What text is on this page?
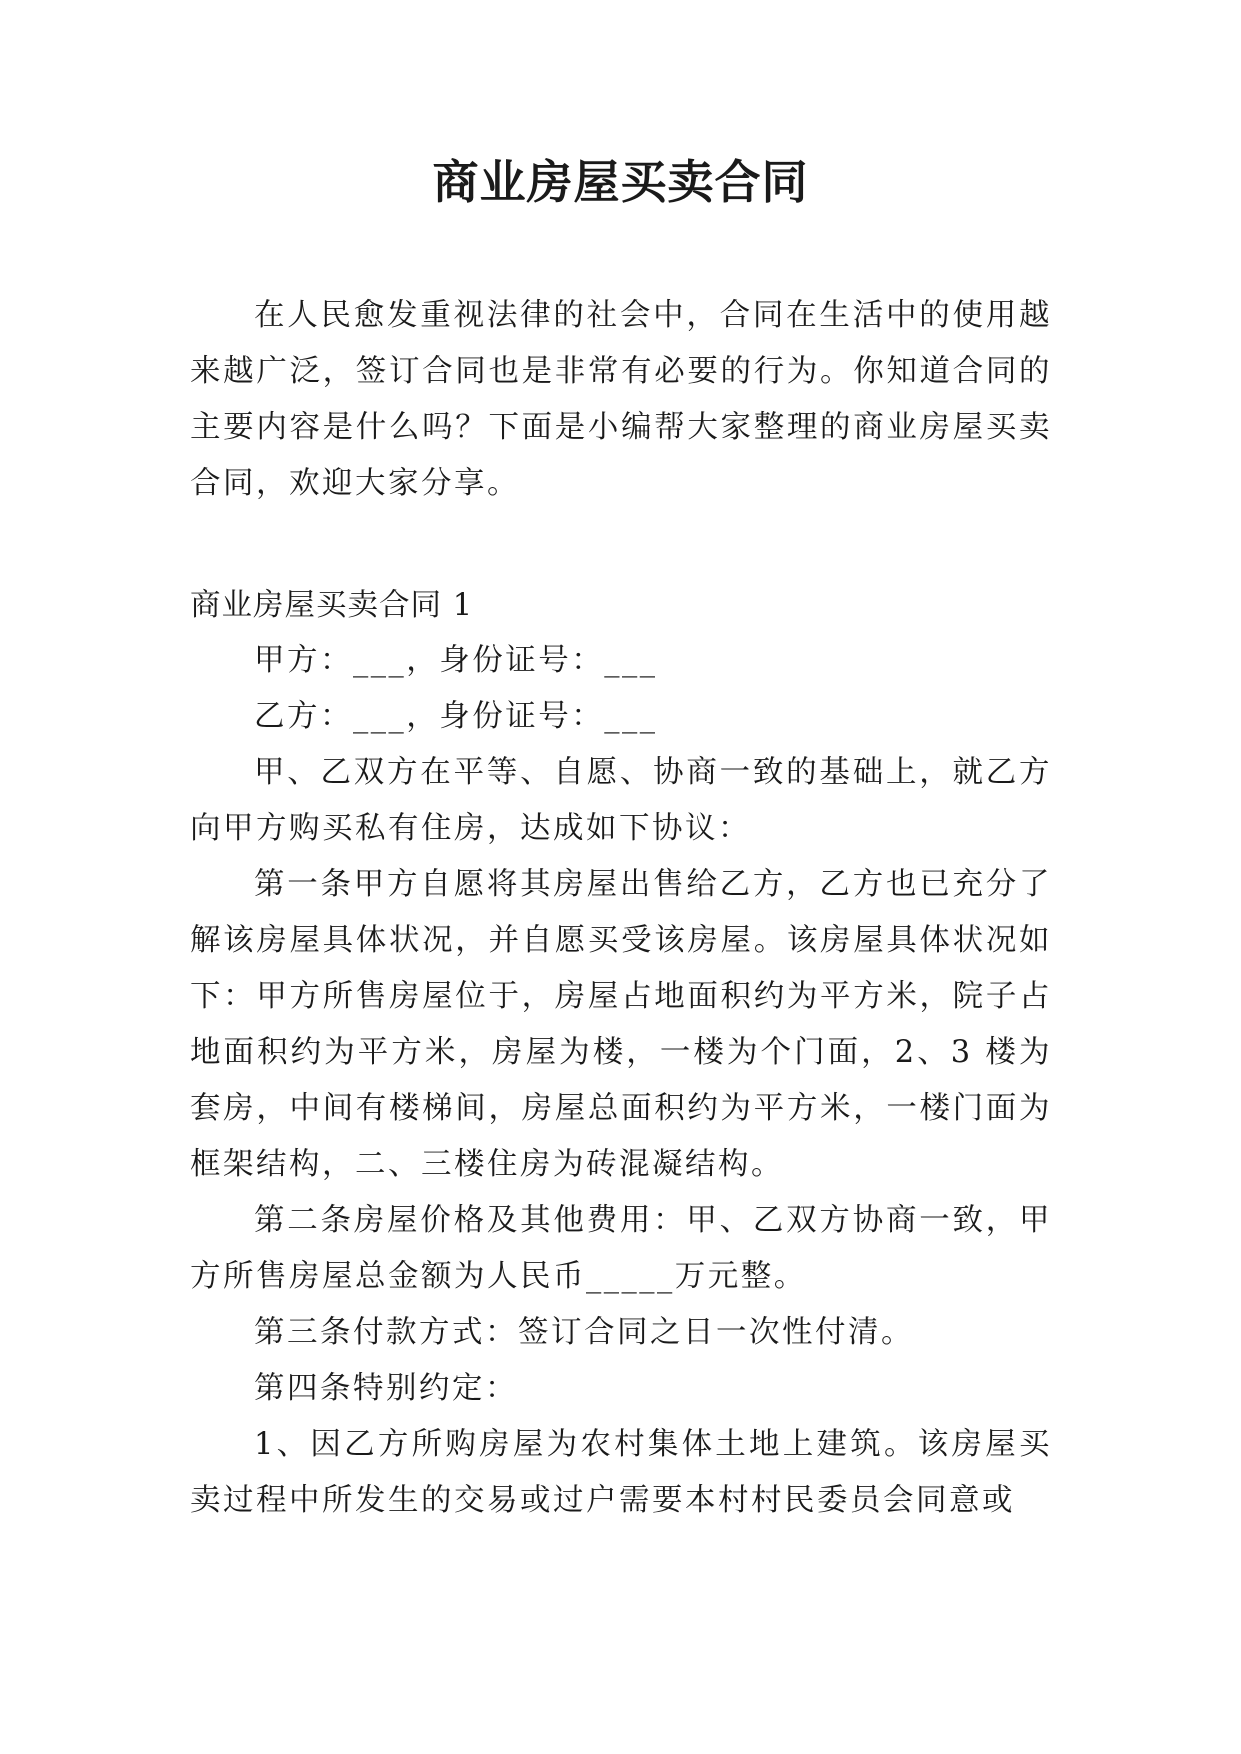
商业房屋买卖合同

在人民愈发重视法律的社会中，合同在生活中的使用越来越广泛，签订合同也是非常有必要的行为。你知道合同的主要内容是什么吗？下面是小编帮大家整理的商业房屋买卖合同，欢迎大家分享。

商业房屋买卖合同 1

甲方：___，身份证号：___

乙方：___，身份证号：___

甲、乙双方在平等、自愿、协商一致的基础上，就乙方向甲方购买私有住房，达成如下协议：

第一条甲方自愿将其房屋出售给乙方，乙方也已充分了解该房屋具体状况，并自愿买受该房屋。该房屋具体状况如下：甲方所售房屋位于，房屋占地面积约为平方米，院子占地面积约为平方米，房屋为楼，一楼为个门面，2、3 楼为套房，中间有楼梯间，房屋总面积约为平方米，一楼门面为框架结构，二、三楼住房为砖混凝结构。

第二条房屋价格及其他费用：甲、乙双方协商一致，甲方所售房屋总金额为人民币_____万元整。

第三条付款方式：签订合同之日一次性付清。

第四条特别约定：

1、因乙方所购房屋为农村集体土地上建筑。该房屋买卖过程中所发生的交易或过户需要本村村民委员会同意或
